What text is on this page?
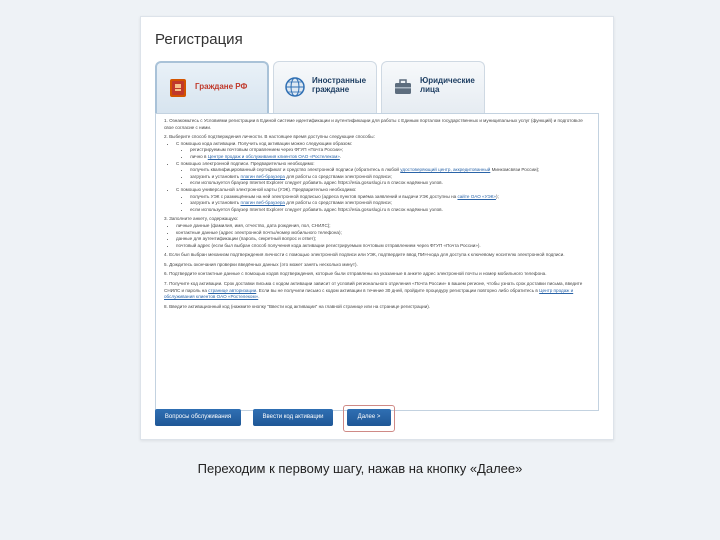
Регистрация
Граждане РФ
Иностранные
граждане
Юридические
лица
1. Ознакомьтесь с Условиями регистрации в Единой системе идентификации и аутентификации для работы с Единым порталом государственных и муниципальных услуг (функций) и подготовьте свое согласие с ними.
2. Выберите способ подтверждения личности. В настоящее время доступны следующие способы:
• С помощью кода активации. Получить код активации можно следующим образом:
• регистрируемым почтовым отправлением через ФГУП «Почта России»;
• лично в Центре продаж и обслуживания клиентов ОАО «Ростелеком».
• С помощью электронной подписи. Предварительно необходимо:
• получить квалифицированный сертификат и средство электронной подписи (обратитесь в любой удостоверяющий центр, аккредитованный Минкомсвязи России);
• загрузить и установить плагин веб-браузера для работы со средствами электронной подписи;
• если используется браузер Internet Explorer следует добавить адрес https://esia.gosuslugi.ru в список надёжных узлов.
• С помощью универсальной электронной карты (УЭК). Предварительно необходимо:
• получить УЭК с размещённым на ней электронной подписью (адреса пунктов приёма заявлений и выдачи УЭК доступны на сайте ОАО «УЭК»);
• загрузить и установить плагин веб-браузера для работы со средствами электронной подписи;
• если используется браузер Internet Explorer следует добавить адрес https://esia.gosuslugi.ru в список надёжных узлов.
3. Заполните анкету, содержащую:
• личные данные (фамилия, имя, отчество, дата рождения, пол, СНИЛС);
• контактные данные (адрес электронной почты/номер мобильного телефона);
• данные для аутентификации (пароль, секретный вопрос и ответ);
• почтовый адрес (если был выбран способ получения кода активации регистрируемым почтовым отправлением через ФГУП «Почта России»).
4. Если был выбран механизм подтверждения личности с помощью электронной подписи или УЭК, подтвердите ввод ПИН-кода для доступа к ключевому носителю электронной подписи.
5. Дождитесь окончания проверки введённых данных (это может занять несколько минут).
6. Подтвердите контактные данные с помощью кодов подтверждения, которые были отправлены на указанные в анкете адрес электронной почты и номер мобильного телефона.
7. Получите код активации. Срок доставки письма с кодом активации зависит от условий регионального отделения «Почта России» в вашем регионе, чтобы узнать срок доставки письма, введите СНИЛС и пароль на странице авторизации. Если вы не получили письмо с кодом активации в течение 30 дней, пройдите процедуру регистрации повторно либо обратитесь в Центр продаж и обслуживания клиентов ОАО «Ростелеком».
8. Введите активационный код (нажмите кнопку "Ввести код активации" на главной странице или на странице регистрации).
Вопросы обслуживания	Ввести код активации	Далее >
Переходим к первому шагу, нажав на кнопку «Далее»
